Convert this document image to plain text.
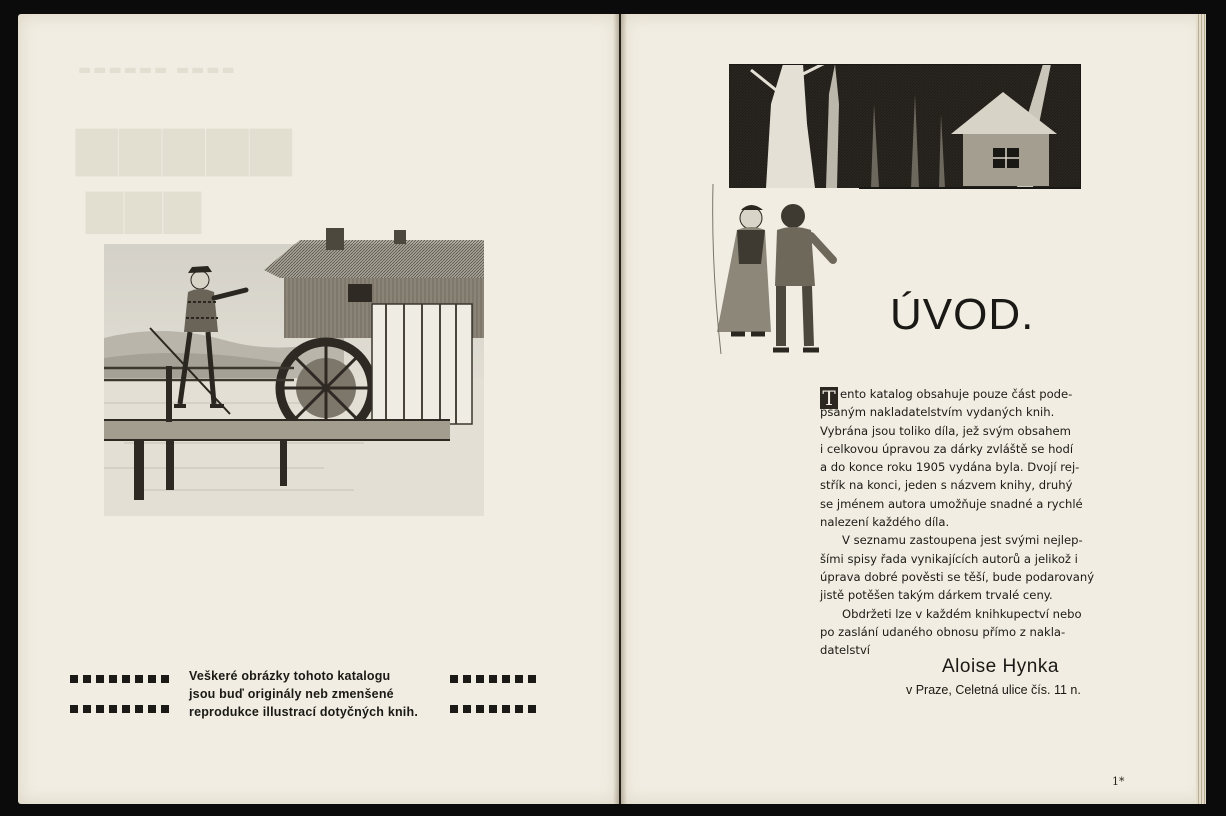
▬▬▬▬▬▬ ▬▬▬▬
▆▆▆▆▆
▆▆▆
Veškeré obrázky tohoto katalogu
jsou buď originály neb zmenšené
reprodukce illustrací dotyčných knih.
ÚVOD.
T ento katalog obsahuje pouze část pode-
psaným nakladatelstvím vydaných knih.
Vybrána jsou toliko díla, jež svým obsahem
i celkovou úpravou za dárky zvláště se hodí
a do konce roku 1905 vydána byla. Dvojí rej-
střík na konci, jeden s názvem knihy, druhý
se jménem autora umožňuje snadné a rychlé
nalezení každého díla.
V seznamu zastoupena jest svými nejlep-
šími spisy řada vynikajících autorů a jelikož i
úprava dobré pověsti se těší, bude podarovaný
jistě potěšen takým dárkem trvalé ceny.
Obdržeti lze v každém knihkupectví nebo
po zaslání udaného obnosu přímo z nakla-
datelství
Aloise Hynka
v Praze, Celetná ulice čís. 11 n.
1*
